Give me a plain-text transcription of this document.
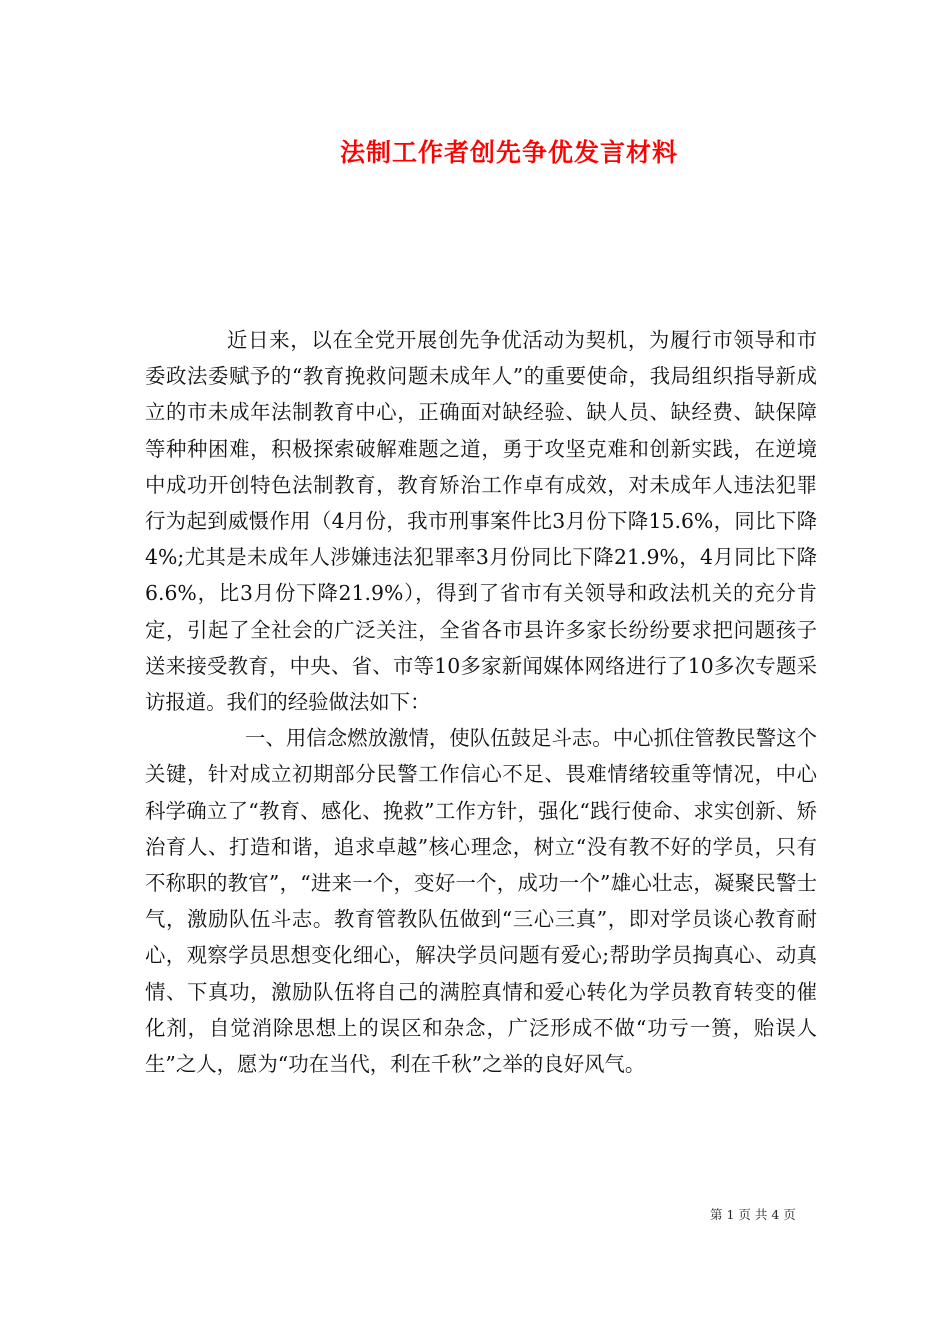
法制工作者创先争优发言材料

近日来，以在全党开展创先争优活动为契机，为履行市领导和市委政法委赋予的“教育挽救问题未成年人”的重要使命，我局组织指导新成立的市未成年法制教育中心，正确面对缺经验、缺人员、缺经费、缺保障等种种困难，积极探索破解难题之道，勇于攻坚克难和创新实践，在逆境中成功开创特色法制教育，教育矫治工作卓有成效，对未成年人违法犯罪行为起到威慑作用（4月份，我市刑事案件比3月份下降15.6%，同比下降4%;尤其是未成年人涉嫌违法犯罪率3月份同比下降21.9%，4月同比下降6.6%，比3月份下降21.9%），得到了省市有关领导和政法机关的充分肯定，引起了全社会的广泛关注，全省各市县许多家长纷纷要求把问题孩子送来接受教育，中央、省、市等10多家新闻媒体网络进行了10多次专题采访报道。我们的经验做法如下：

一、用信念燃放激情，使队伍鼓足斗志。中心抓住管教民警这个关键，针对成立初期部分民警工作信心不足、畏难情绪较重等情况，中心科学确立了“教育、感化、挽救”工作方针，强化“践行使命、求实创新、矫治育人、打造和谐，追求卓越”核心理念，树立“没有教不好的学员，只有不称职的教官”，“进来一个，变好一个，成功一个”雄心壮志，凝聚民警士气，激励队伍斗志。教育管教队伍做到“三心三真”，即对学员谈心教育耐心，观察学员思想变化细心，解决学员问题有爱心;帮助学员掏真心、动真情、下真功，激励队伍将自己的满腔真情和爱心转化为学员教育转变的催化剂，自觉消除思想上的误区和杂念，广泛形成不做“功亏一篑，贻误人生”之人，愿为“功在当代，利在千秋”之举的良好风气。

第 1 页 共 4 页
